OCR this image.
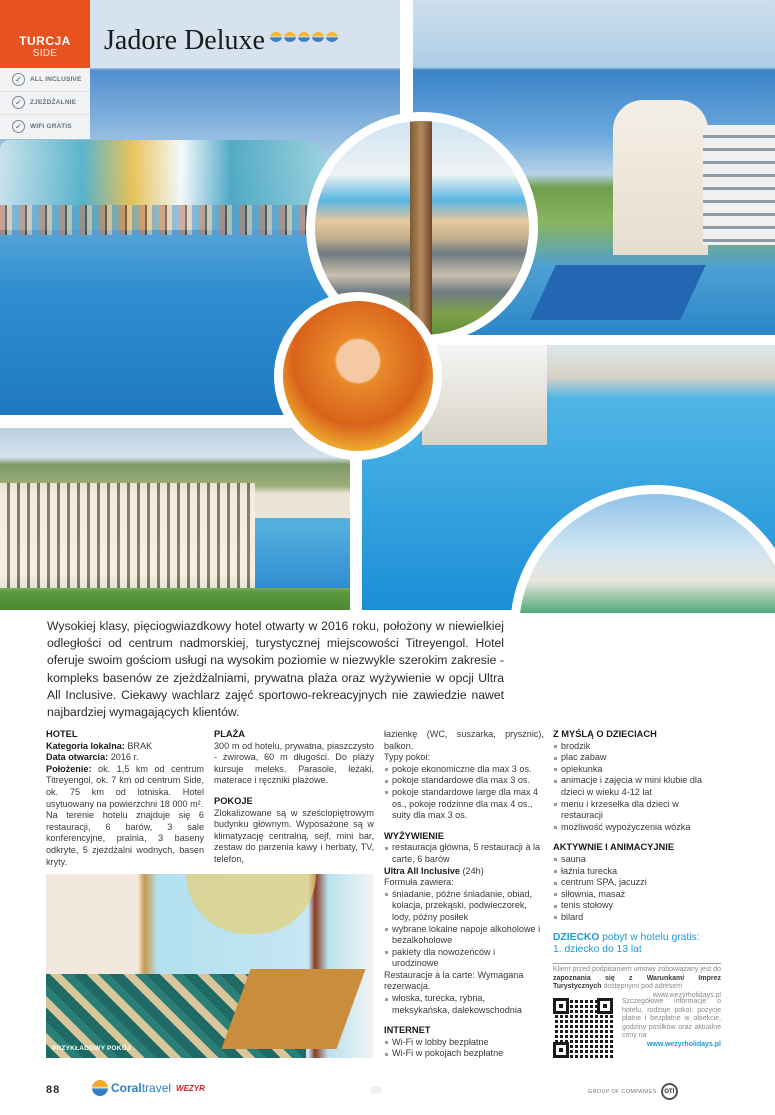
TURCJA
SIDE	Jadore Deluxe
✓	ALL INCLUSIVE
✓	ZJEŻDŻALNIE
✓	WIFI GRATIS

Wysokiej klasy, pięciogwiazdkowy hotel otwarty w 2016 roku, położony w niewielkiej odległości od centrum nadmorskiej, turystycznej miejscowości Titreyengol. Hotel oferuje swoim gościom usługi na wysokim poziomie w niezwykle szerokim zakresie - kompleks basenów ze zjeżdżalniami, prywatna plaża oraz wyżywienie w opcji Ultra All Inclusive. Ciekawy wachlarz zajęć sportowo-rekreacyjnych nie zawiedzie nawet najbardziej wymagających klientów.

HOTEL
Kategoria lokalna: BRAK
Data otwarcia: 2016 r.
Położenie: ok. 1,5 km od centrum Titreyengol, ok. 7 km od centrum Side, ok. 75 km od lotniska. Hotel usytuowany na powierzchni 18 000 m².
Na terenie hotelu znajduje się 6 restauracji, 6 barów, 3 sale konferencyjne, pralnia, 3 baseny odkryte, 5 zjeżdżalni wodnych, basen kryty.
PLAŻA
300 m od hotelu, prywatna, piaszczysto - żwirowa, 60 m długości. Do plaży kursuje meleks. Parasole, leżaki, materace i ręczniki plażowe.
POKOJE
Zlokalizowane są w sześciopiętrowym budynku głównym. Wyposażone są w klimatyzację centralną, sejf, mini bar, zestaw do parzenia kawy i herbaty, TV, telefon,
PRZYKŁADOWY POKÓJ
łazienkę (WC, suszarka, prysznic), balkon.
Typy pokoi:
pokoje ekonomiczne dla max 3 os.
pokoje standardowe dla max 3 os.
pokoje standardowe large dla max 4 os., pokoje rodzinne dla max 4 os., suity dla max 3 os.
WYŻYWIENIE
restauracja główna, 5 restauracji à la carte, 6 barów
Ultra All Inclusive (24h)
Formuła zawiera:
śniadanie, późne śniadanie, obiad, kolacja, przekąski, podwieczorek, lody, późny posiłek
wybrane lokalne napoje alkoholowe i bezalkoholowe
pakiety dla nowożeńców i urodzinowe
Restauracje à la carte: Wymagana rezerwacja.
włoska, turecka, rybna, meksykańska, dalekowschodnia
INTERNET
Wi-Fi w lobby bezpłatne
Wi-Fi w pokojach bezpłatne
Z MYŚLĄ O DZIECIACH
brodzik
plac zabaw
opiekunka
animacje i zajęcia w mini klubie dla dzieci w wieku 4-12 lat
menu i krzesełka dla dzieci w restauracji
możliwość wypożyczenia wózka
AKTYWNIE I ANIMACYJNIE
sauna
łaźnia turecka
centrum SPA, jacuzzi
siłownia, masaż
tenis stołowy
bilard
DZIECKO pobyt w hotelu gratis:
1. dziecko do 13 lat
Klient przed podpisaniem umowy zobowiązany jest do zapoznania się z Warunkami Imprez Turystycznych dostępnymi pod adresem
www.wezyrholidays.pl
Szczegółowe informacje o hotelu, rodzaje pokoi, pozycje płatne i bezpłatne w obiekcie, godziny posiłków oraz aktualne ceny na
www.wezyrholidays.pl
88	Coraltravel WEZYR	88	GROUP OF COMPANIES	OTI
